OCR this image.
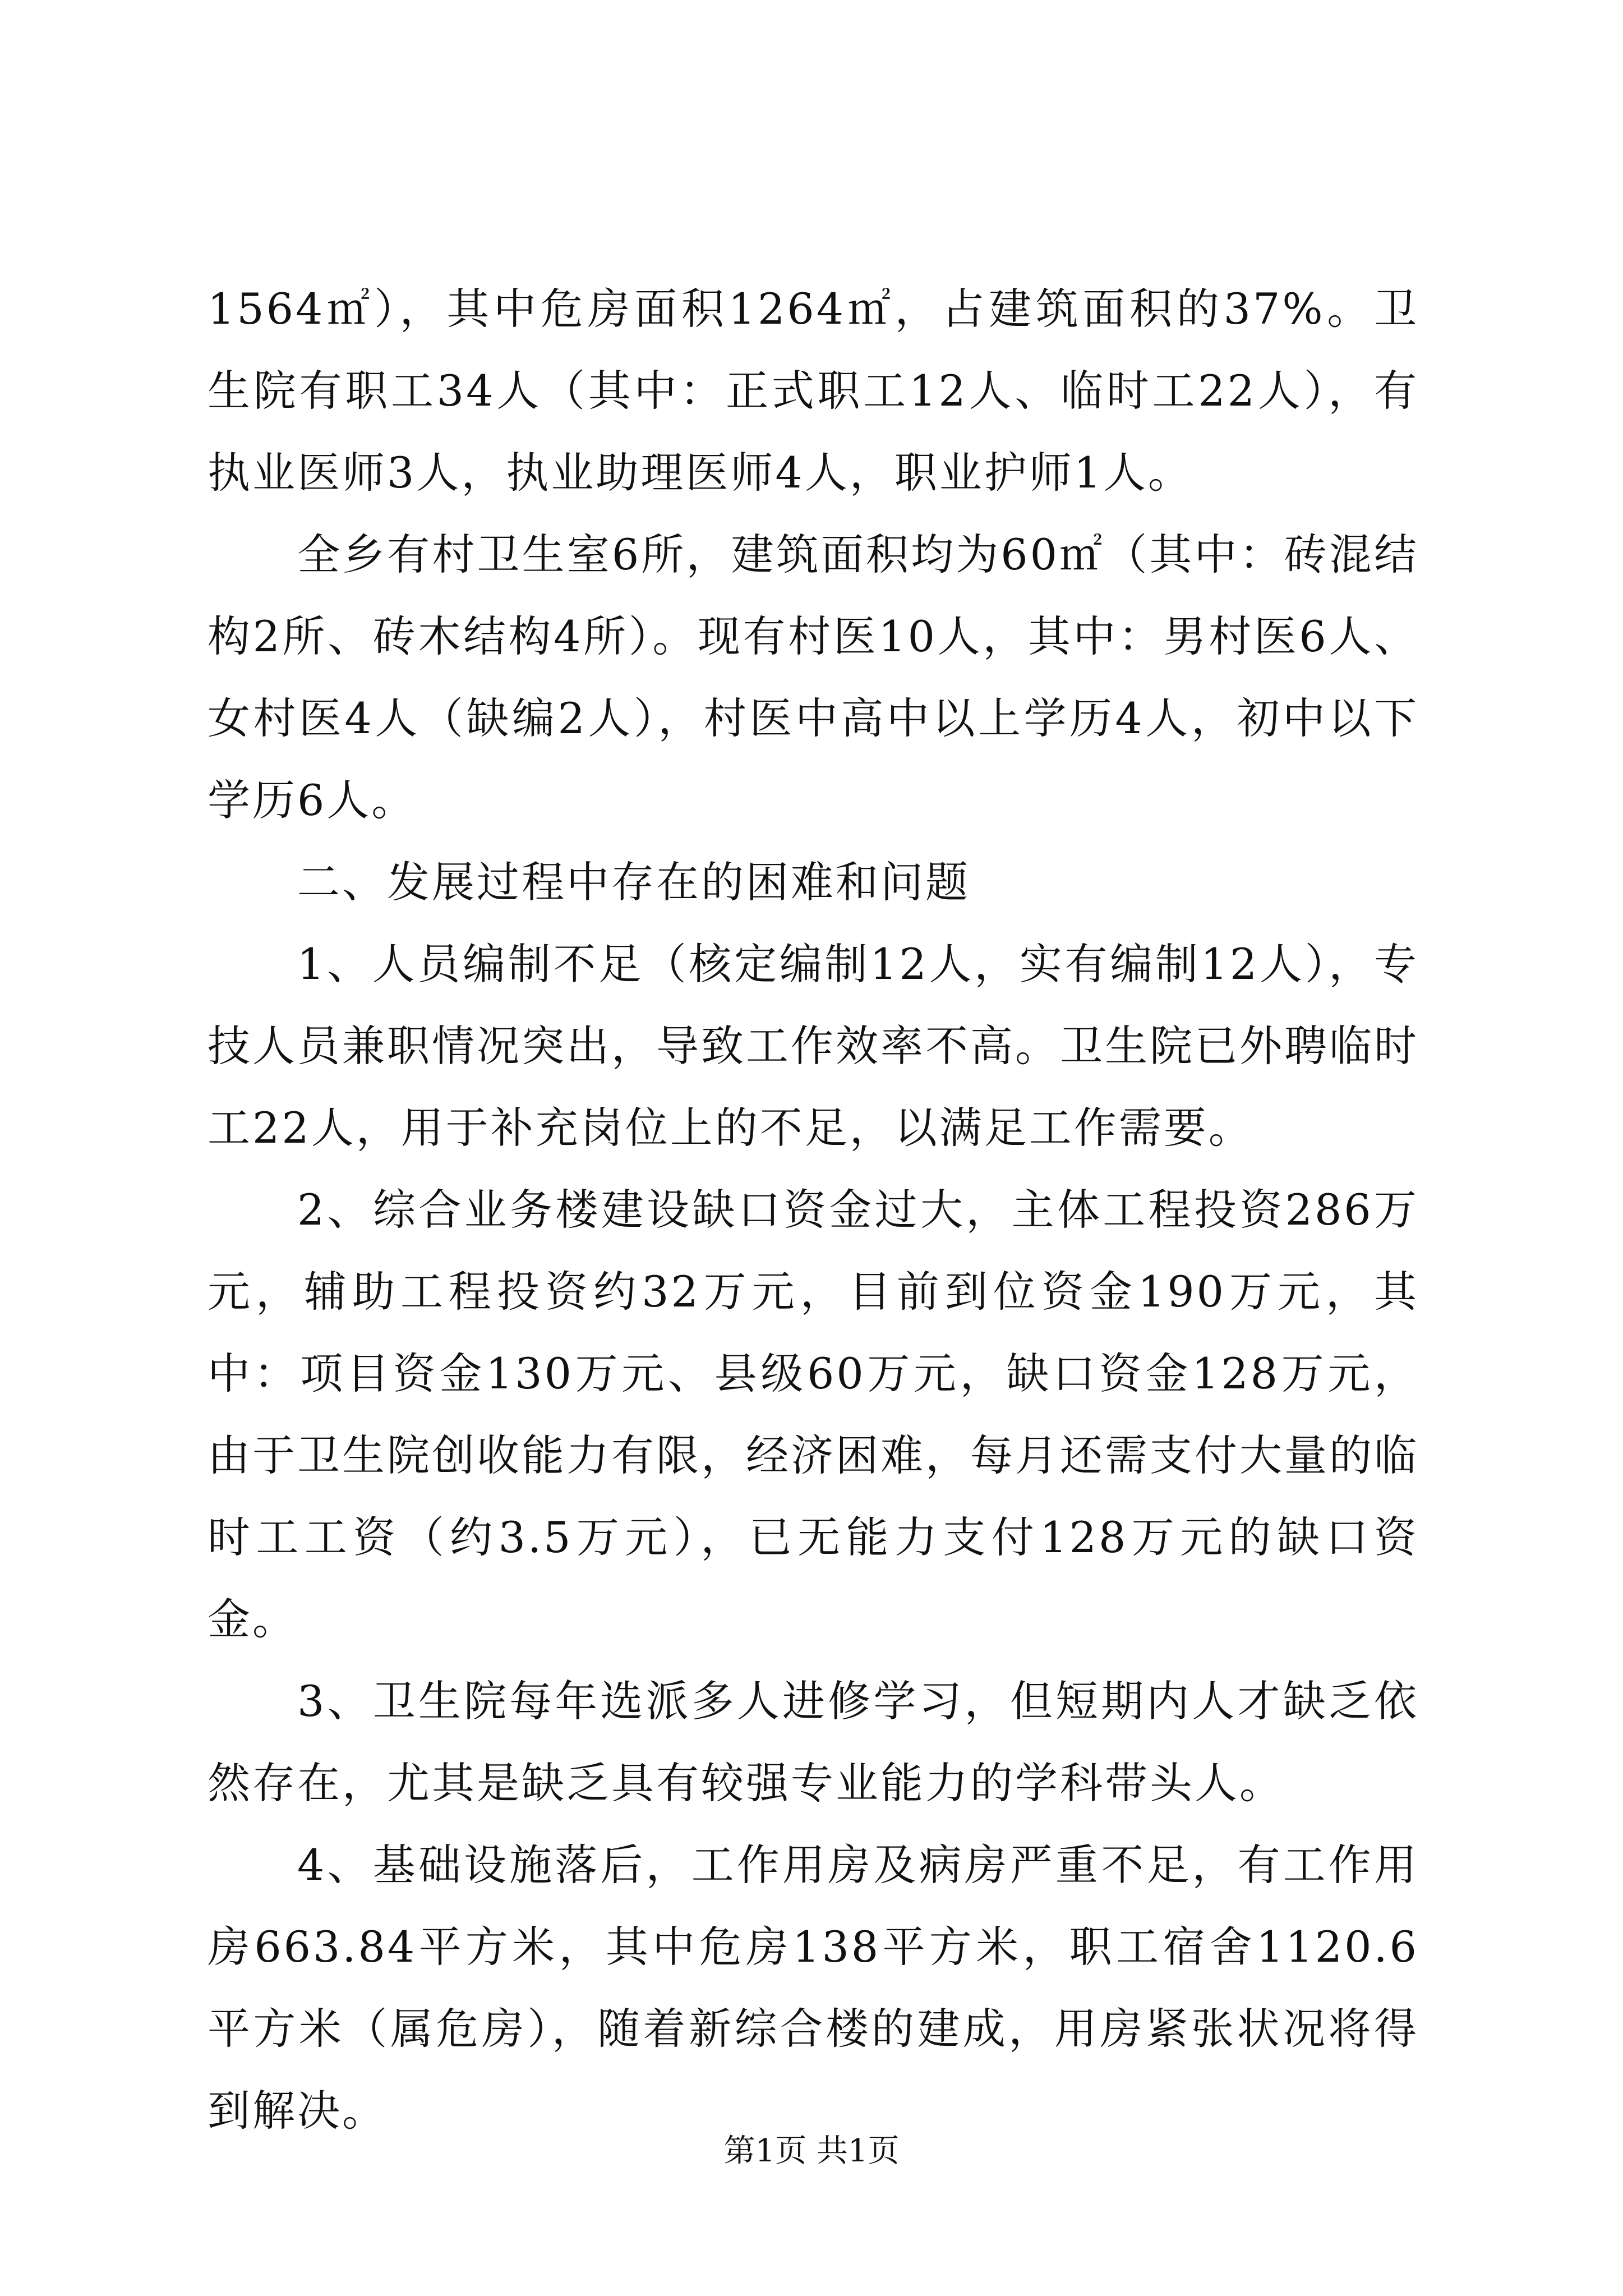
1564㎡），其中危房面积1264㎡，占建筑面积的37%。卫生院有职工34人（其中：正式职工12人、临时工22人），有执业医师3人，执业助理医师4人，职业护师1人。

全乡有村卫生室6所，建筑面积均为60㎡（其中：砖混结构2所、砖木结构4所）。现有村医10人，其中：男村医6人、女村医4人（缺编2人），村医中高中以上学历4人，初中以下学历6人。

二、发展过程中存在的困难和问题

1、人员编制不足（核定编制12人，实有编制12人），专技人员兼职情况突出，导致工作效率不高。卫生院已外聘临时工22人，用于补充岗位上的不足，以满足工作需要。

2、综合业务楼建设缺口资金过大，主体工程投资286万元，辅助工程投资约32万元，目前到位资金190万元，其中：项目资金130万元、县级60万元，缺口资金128万元，由于卫生院创收能力有限，经济困难，每月还需支付大量的临时工工资（约3.5万元），已无能力支付128万元的缺口资金。

3、卫生院每年选派多人进修学习，但短期内人才缺乏依然存在，尤其是缺乏具有较强专业能力的学科带头人。

4、基础设施落后，工作用房及病房严重不足，有工作用房663.84平方米，其中危房138平方米，职工宿舍1120.6平方米（属危房），随着新综合楼的建成，用房紧张状况将得到解决。

第1页 共1页
